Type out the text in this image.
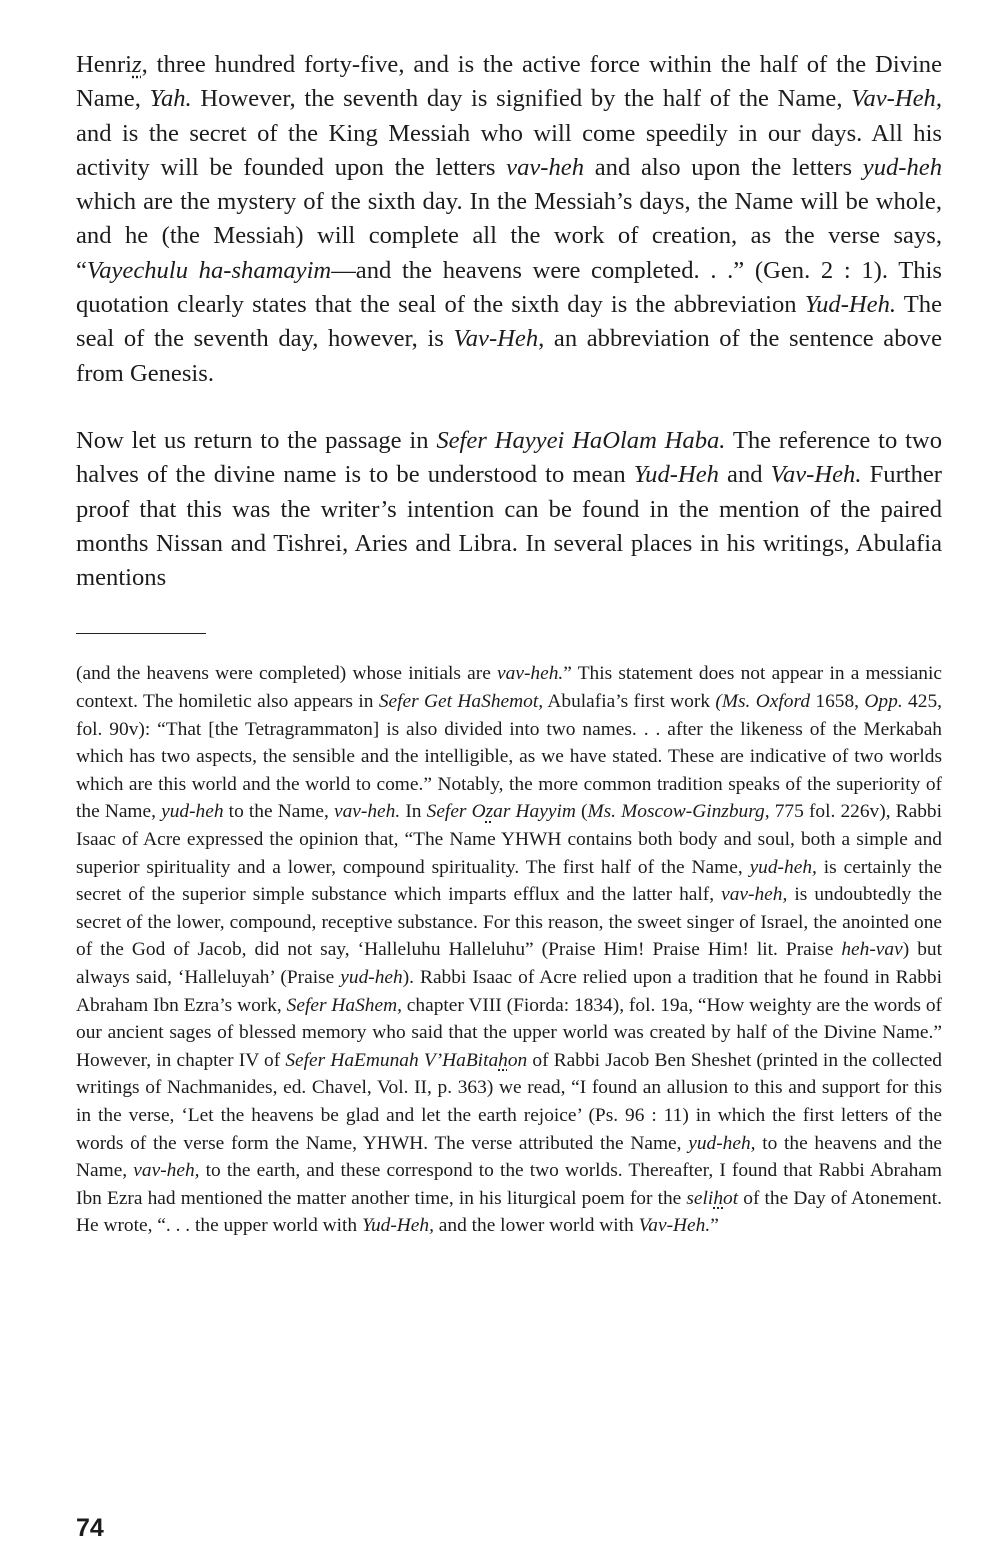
Henriz, three hundred forty-five, and is the active force within the half of the Divine Name, Yah. However, the seventh day is signified by the half of the Name, Vav-Heh, and is the secret of the King Messiah who will come speedily in our days. All his activity will be founded upon the letters vav-heh and also upon the letters yud-heh which are the mystery of the sixth day. In the Messiah’s days, the Name will be whole, and he (the Messiah) will complete all the work of creation, as the verse says, “Vayechulu ha-shamayim—and the heavens were completed. . .” (Gen. 2 : 1). This quotation clearly states that the seal of the sixth day is the abbreviation Yud-Heh. The seal of the seventh day, however, is Vav-Heh, an abbreviation of the sentence above from Genesis.

Now let us return to the passage in Sefer Hayyei HaOlam Haba. The reference to two halves of the divine name is to be understood to mean Yud-Heh and Vav-Heh. Further proof that this was the writer’s intention can be found in the mention of the paired months Nissan and Tishrei, Aries and Libra. In several places in his writings, Abulafia mentions

(and the heavens were completed) whose initials are vav-heh.” This statement does not appear in a messianic context. The homiletic also appears in Sefer Get HaShemot, Abulafia’s first work (Ms. Oxford 1658, Opp. 425, fol. 90v): “That [the Tetragrammaton] is also divided into two names. . . after the likeness of the Merkabah which has two aspects, the sensible and the intelligible, as we have stated. These are indicative of two worlds which are this world and the world to come.” Notably, the more common tradition speaks of the superiority of the Name, yud-heh to the Name, vav-heh. In Sefer Ozar Hayyim (Ms. Moscow-Ginzburg, 775 fol. 226v), Rabbi Isaac of Acre expressed the opinion that, “The Name YHWH contains both body and soul, both a simple and superior spirituality and a lower, compound spirituality. The first half of the Name, yud-heh, is certainly the secret of the superior simple substance which imparts efflux and the latter half, vav-heh, is undoubtedly the secret of the lower, compound, receptive substance. For this reason, the sweet singer of Israel, the anointed one of the God of Jacob, did not say, ‘Halleluhu Halleluhu” (Praise Him! Praise Him! lit. Praise heh-vav) but always said, ‘Halleluyah’ (Praise yud-heh). Rabbi Isaac of Acre relied upon a tradition that he found in Rabbi Abraham Ibn Ezra’s work, Sefer HaShem, chapter VIII (Fiorda: 1834), fol. 19a, “How weighty are the words of our ancient sages of blessed memory who said that the upper world was created by half of the Divine Name.” However, in chapter IV of Sefer HaEmunah V’HaBitahon of Rabbi Jacob Ben Sheshet (printed in the collected writings of Nachmanides, ed. Chavel, Vol. II, p. 363) we read, “I found an allusion to this and support for this in the verse, ‘Let the heavens be glad and let the earth rejoice’ (Ps. 96 : 11) in which the first letters of the words of the verse form the Name, YHWH. The verse attributed the Name, yud-heh, to the heavens and the Name, vav-heh, to the earth, and these correspond to the two worlds. Thereafter, I found that Rabbi Abraham Ibn Ezra had mentioned the matter another time, in his liturgical poem for the selihot of the Day of Atonement. He wrote, “. . . the upper world with Yud-Heh, and the lower world with Vav-Heh.”

74
